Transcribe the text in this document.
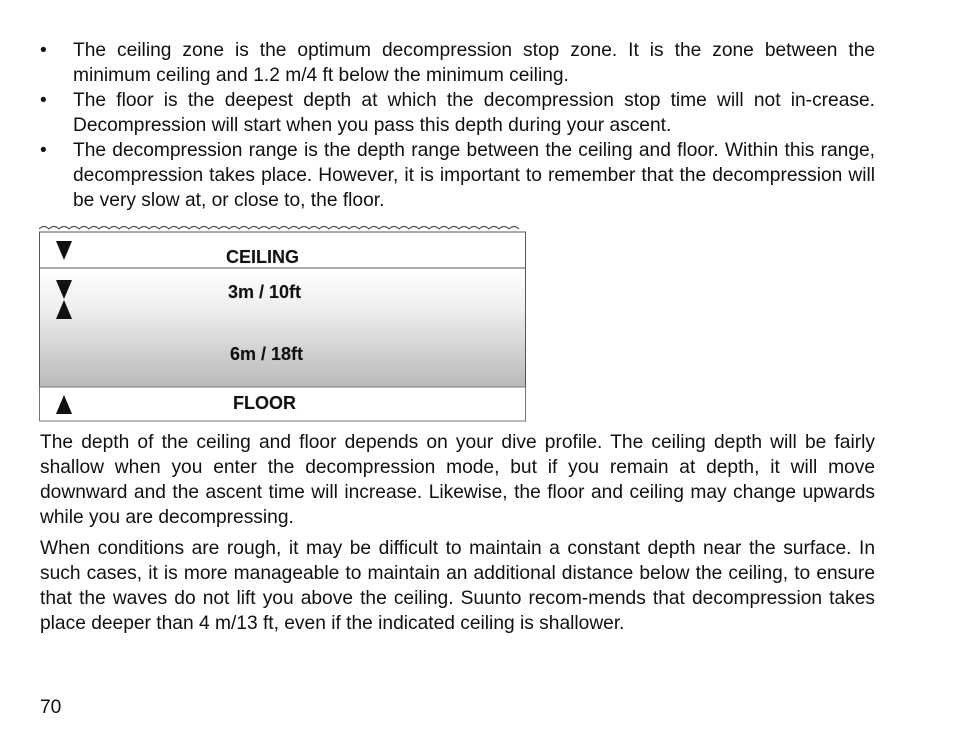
• The ceiling zone is the optimum decompression stop zone. It is the zone between the minimum ceiling and 1.2 m/4 ft below the minimum ceiling.
• The floor is the deepest depth at which the decompression stop time will not in-crease. Decompression will start when you pass this depth during your ascent.
• The decompression range is the depth range between the ceiling and floor. Within this range, decompression takes place. However, it is important to remember that the decompression will be very slow at, or close to, the floor.
CEILING
3m / 10ft
6m / 18ft
FLOOR

The depth of the ceiling and floor depends on your dive profile. The ceiling depth will be fairly shallow when you enter the decompression mode, but if you remain at depth, it will move downward and the ascent time will increase. Likewise, the floor and ceiling may change upwards while you are decompressing.

When conditions are rough, it may be difficult to maintain a constant depth near the surface. In such cases, it is more manageable to maintain an additional distance below the ceiling, to ensure that the waves do not lift you above the ceiling. Suunto recom-mends that decompression takes place deeper than 4 m/13 ft, even if the indicated ceiling is shallower.

70
